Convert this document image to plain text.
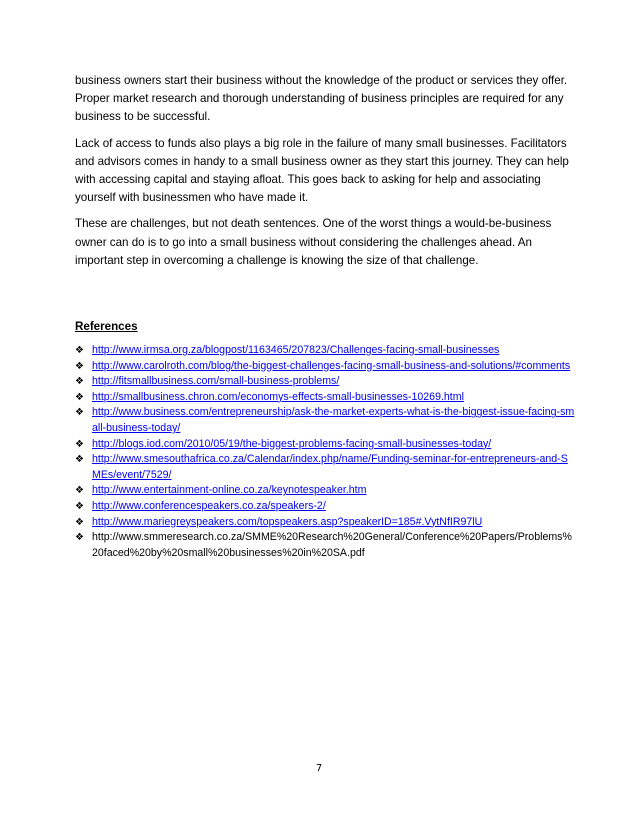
business owners start their business without the knowledge of the product or services they offer. Proper market research and thorough understanding of business principles are required for any business to be successful.

Lack of access to funds also plays a big role in the failure of many small businesses. Facilitators and advisors comes in handy to a small business owner as they start this journey. They can help with accessing capital and staying afloat. This goes back to asking for help and associating yourself with businessmen who have made it.

These are challenges, but not death sentences. One of the worst things a would-be-business owner can do is to go into a small business without considering the challenges ahead. An important step in overcoming a challenge is knowing the size of that challenge.

References
❖ http://www.irmsa.org.za/blogpost/1163465/207823/Challenges-facing-small-businesses
❖ http://www.carolroth.com/blog/the-biggest-challenges-facing-small-business-and-solutions/#comments
❖ http://fitsmallbusiness.com/small-business-problems/
❖ http://smallbusiness.chron.com/economys-effects-small-businesses-10269.html
❖ http://www.business.com/entrepreneurship/ask-the-market-experts-what-is-the-biggest-issue-facing-small-business-today/
❖ http://blogs.iod.com/2010/05/19/the-biggest-problems-facing-small-businesses-today/
❖ http://www.smesouthafrica.co.za/Calendar/index.php/name/Funding-seminar-for-entrepreneurs-and-SMEs/event/7529/
❖ http://www.entertainment-online.co.za/keynotespeaker.htm
❖ http://www.conferencespeakers.co.za/speakers-2/
❖ http://www.mariegreyspeakers.com/topspeakers.asp?speakerID=185#.VytNfIR97lU
❖ http://www.smmeresearch.co.za/SMME%20Research%20General/Conference%20Papers/Problems%20faced%20by%20small%20businesses%20in%20SA.pdf
7
